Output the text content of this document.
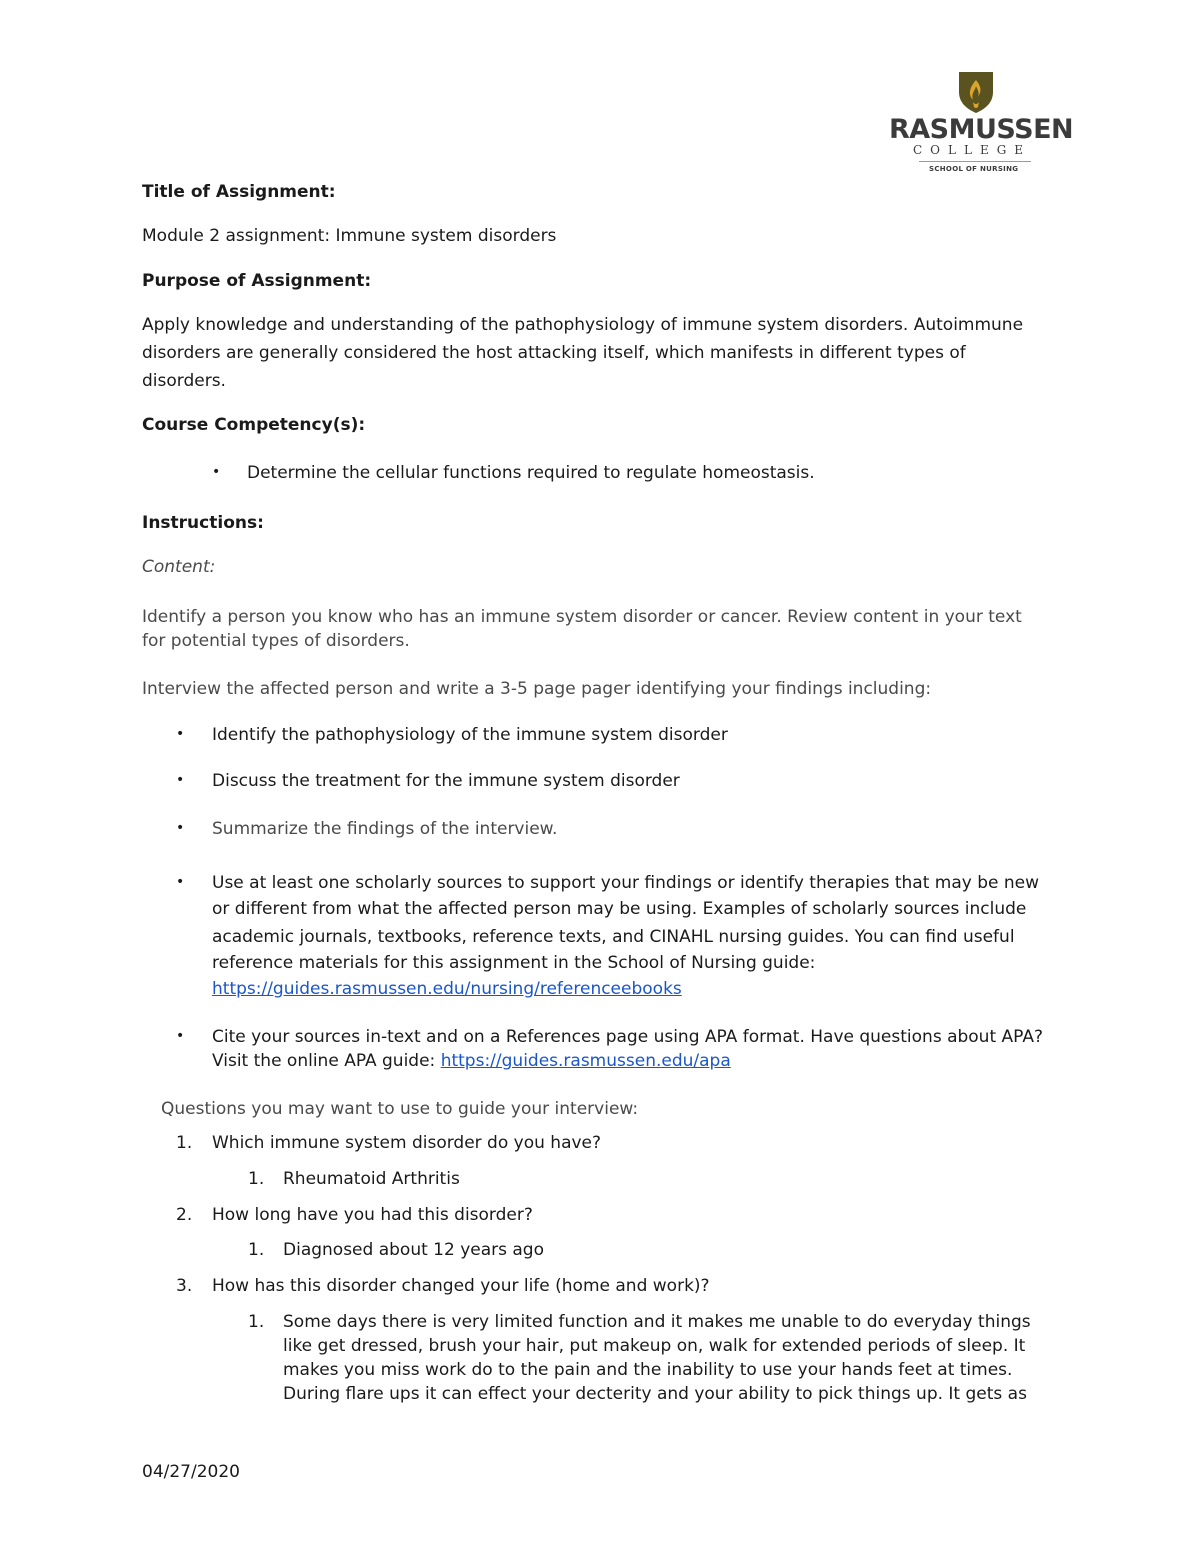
RASMUSSEN
COLLEGE
SCHOOL OF NURSING
Title of Assignment:
Module 2 assignment: Immune system disorders
Purpose of Assignment:
Apply knowledge and understanding of the pathophysiology of immune system disorders. Autoimmune
disorders are generally considered the host attacking itself, which manifests in different types of
disorders.
Course Competency(s):
• Determine the cellular functions required to regulate homeostasis.
Instructions:
Content:
Identify a person you know who has an immune system disorder or cancer. Review content in your text
for potential types of disorders.
Interview the affected person and write a 3-5 page pager identifying your findings including:
• Identify the pathophysiology of the immune system disorder
• Discuss the treatment for the immune system disorder
• Summarize the findings of the interview.
• Use at least one scholarly sources to support your findings or identify therapies that may be new
or different from what the affected person may be using. Examples of scholarly sources include
academic journals, textbooks, reference texts, and CINAHL nursing guides. You can find useful
reference materials for this assignment in the School of Nursing guide:
https://guides.rasmussen.edu/nursing/referenceebooks
• Cite your sources in-text and on a References page using APA format. Have questions about APA?
Visit the online APA guide: https://guides.rasmussen.edu/apa
Questions you may want to use to guide your interview:
1. Which immune system disorder do you have?
1. Rheumatoid Arthritis
2. How long have you had this disorder?
1. Diagnosed about 12 years ago
3. How has this disorder changed your life (home and work)?
1. Some days there is very limited function and it makes me unable to do everyday things
like get dressed, brush your hair, put makeup on, walk for extended periods of sleep. It
makes you miss work do to the pain and the inability to use your hands feet at times.
During flare ups it can effect your decterity and your ability to pick things up. It gets as
04/27/2020
